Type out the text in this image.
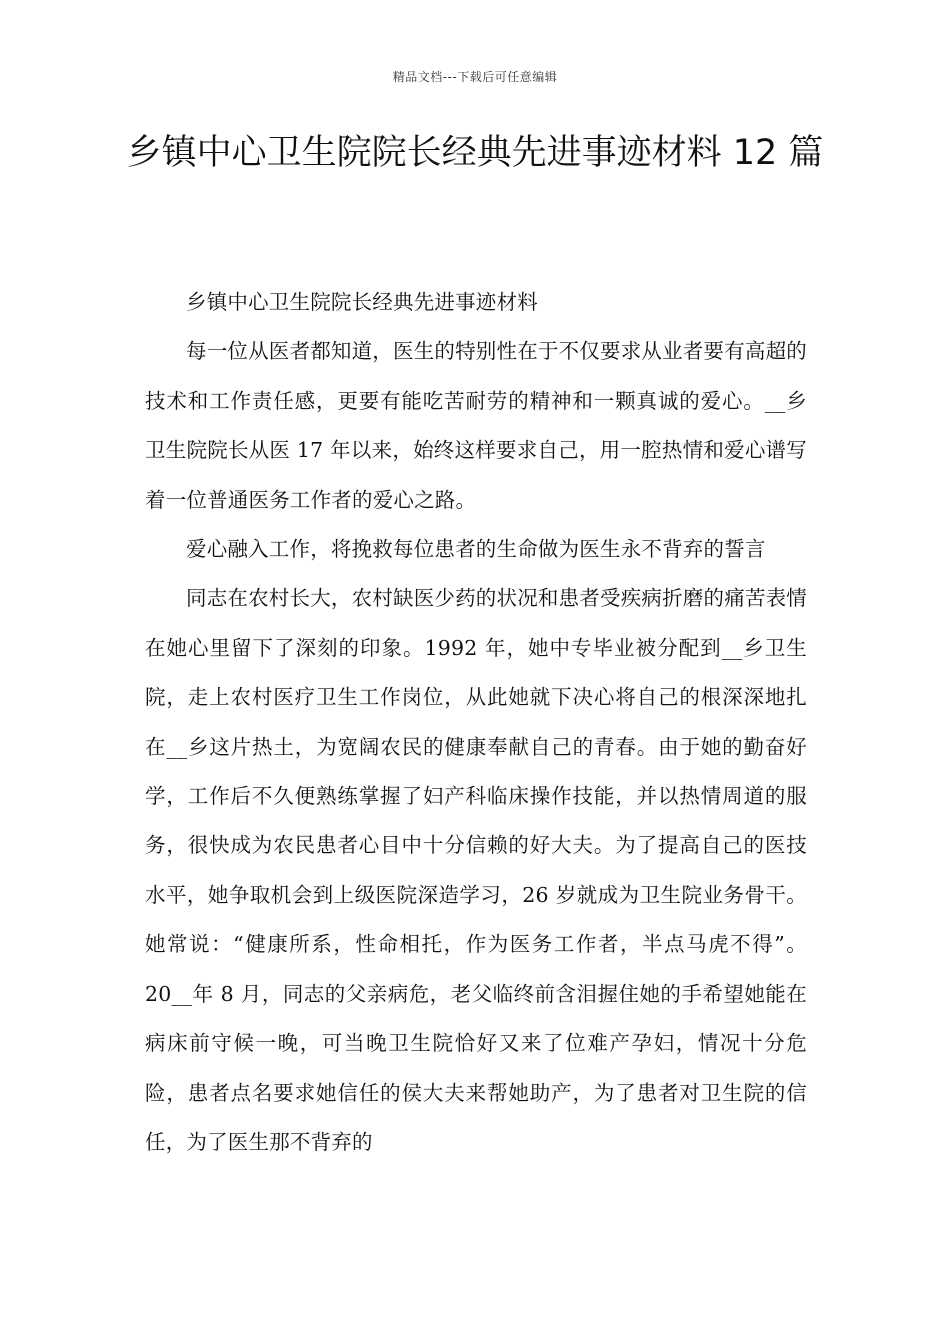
精品文档---下载后可任意编辑
乡镇中心卫生院院长经典先进事迹材料 12 篇

乡镇中心卫生院院长经典先进事迹材料

每一位从医者都知道，医生的特别性在于不仅要求从业者要有高超的技术和工作责任感，更要有能吃苦耐劳的精神和一颗真诚的爱心。__乡卫生院院长从医 17 年以来，始终这样要求自己，用一腔热情和爱心谱写着一位普通医务工作者的爱心之路。

爱心融入工作，将挽救每位患者的生命做为医生永不背弃的誓言

同志在农村长大，农村缺医少药的状况和患者受疾病折磨的痛苦表情在她心里留下了深刻的印象。1992 年，她中专毕业被分配到__乡卫生院，走上农村医疗卫生工作岗位，从此她就下决心将自己的根深深地扎在__乡这片热土，为宽阔农民的健康奉献自己的青春。由于她的勤奋好学，工作后不久便熟练掌握了妇产科临床操作技能，并以热情周道的服务，很快成为农民患者心目中十分信赖的好大夫。为了提高自己的医技水平，她争取机会到上级医院深造学习，26 岁就成为卫生院业务骨干。她常说：“健康所系，性命相托，作为医务工作者，半点马虎不得”。20__年 8 月，同志的父亲病危，老父临终前含泪握住她的手希望她能在病床前守候一晚，可当晚卫生院恰好又来了位难产孕妇，情况十分危险，患者点名要求她信任的侯大夫来帮她助产，为了患者对卫生院的信任，为了医生那不背弃的
